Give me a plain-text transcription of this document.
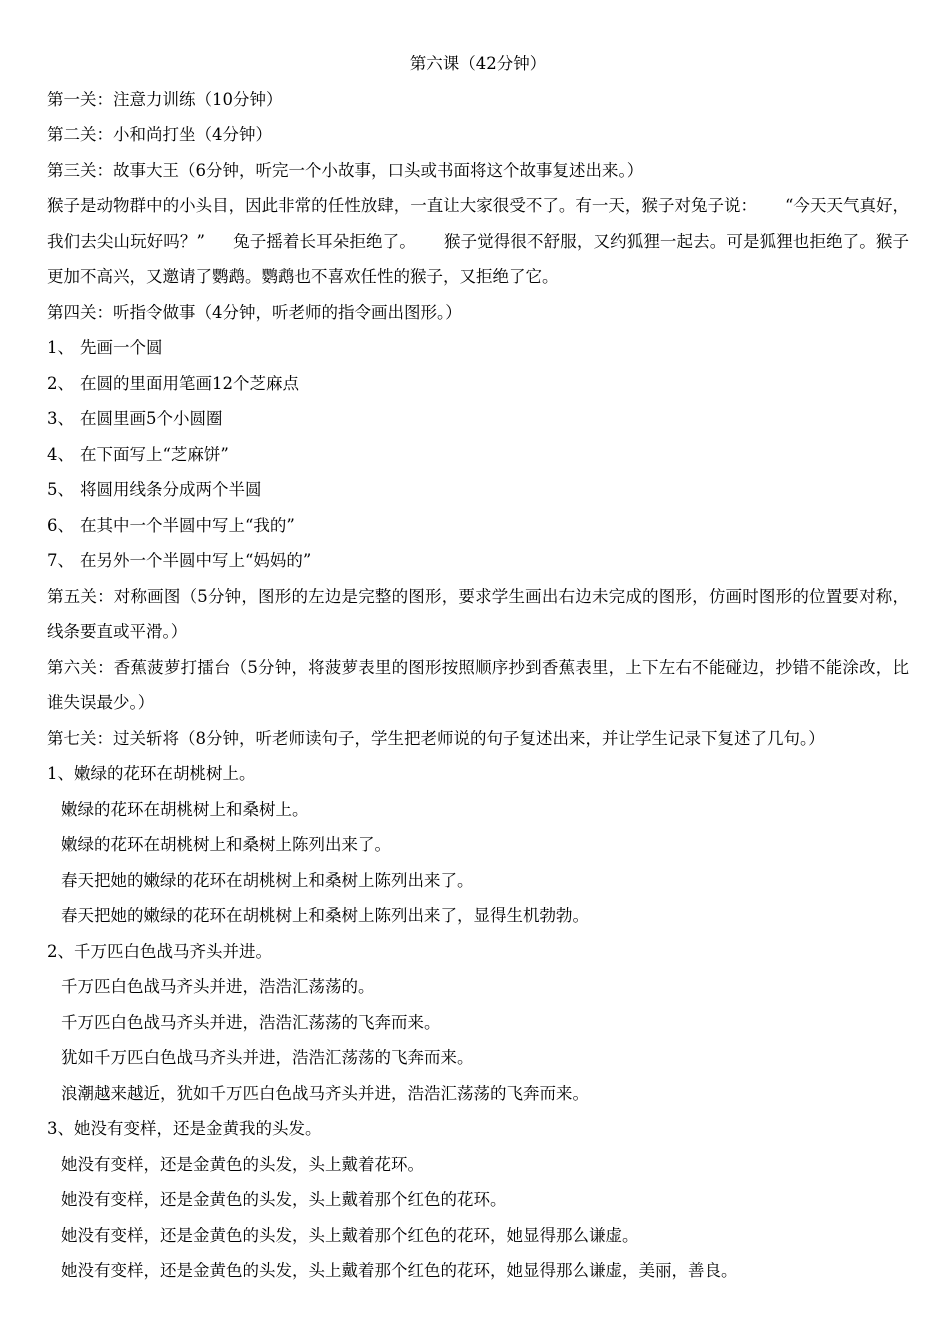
第六课（42分钟）

第一关：注意力训练（10分钟）

第二关：小和尚打坐（4分钟）

第三关：故事大王（6分钟，听完一个小故事，口头或书面将这个故事复述出来。）

猴子是动物群中的小头目，因此非常的任性放肆，一直让大家很受不了。有一天，猴子对兔子说： “今天天气真好，我们去尖山玩好吗？” 兔子摇着长耳朵拒绝了。 猴子觉得很不舒服，又约狐狸一起去。可是狐狸也拒绝了。猴子更加不高兴，又邀请了鹦鹉。鹦鹉也不喜欢任性的猴子，又拒绝了它。

第四关：听指令做事（4分钟，听老师的指令画出图形。）

1、 先画一个圆

2、 在圆的里面用笔画12个芝麻点

3、 在圆里画5个小圆圈

4、 在下面写上“芝麻饼”

5、 将圆用线条分成两个半圆

6、 在其中一个半圆中写上“我的”

7、 在另外一个半圆中写上“妈妈的”

第五关：对称画图（5分钟，图形的左边是完整的图形，要求学生画出右边未完成的图形，仿画时图形的位置要对称，线条要直或平滑。）

第六关：香蕉菠萝打擂台（5分钟，将菠萝表里的图形按照顺序抄到香蕉表里，上下左右不能碰边，抄错不能涂改，比谁失误最少。）

第七关：过关斩将（8分钟，听老师读句子，学生把老师说的句子复述出来，并让学生记录下复述了几句。）

1、嫩绿的花环在胡桃树上。

嫩绿的花环在胡桃树上和桑树上。

嫩绿的花环在胡桃树上和桑树上陈列出来了。

春天把她的嫩绿的花环在胡桃树上和桑树上陈列出来了。

春天把她的嫩绿的花环在胡桃树上和桑树上陈列出来了，显得生机勃勃。

2、千万匹白色战马齐头并进。

千万匹白色战马齐头并进，浩浩汇荡荡的。

千万匹白色战马齐头并进，浩浩汇荡荡的飞奔而来。

犹如千万匹白色战马齐头并进，浩浩汇荡荡的飞奔而来。

浪潮越来越近，犹如千万匹白色战马齐头并进，浩浩汇荡荡的飞奔而来。

3、她没有变样，还是金黄我的头发。

她没有变样，还是金黄色的头发，头上戴着花环。

她没有变样，还是金黄色的头发，头上戴着那个红色的花环。

她没有变样，还是金黄色的头发，头上戴着那个红色的花环，她显得那么谦虚。

她没有变样，还是金黄色的头发，头上戴着那个红色的花环，她显得那么谦虚，美丽，善良。
